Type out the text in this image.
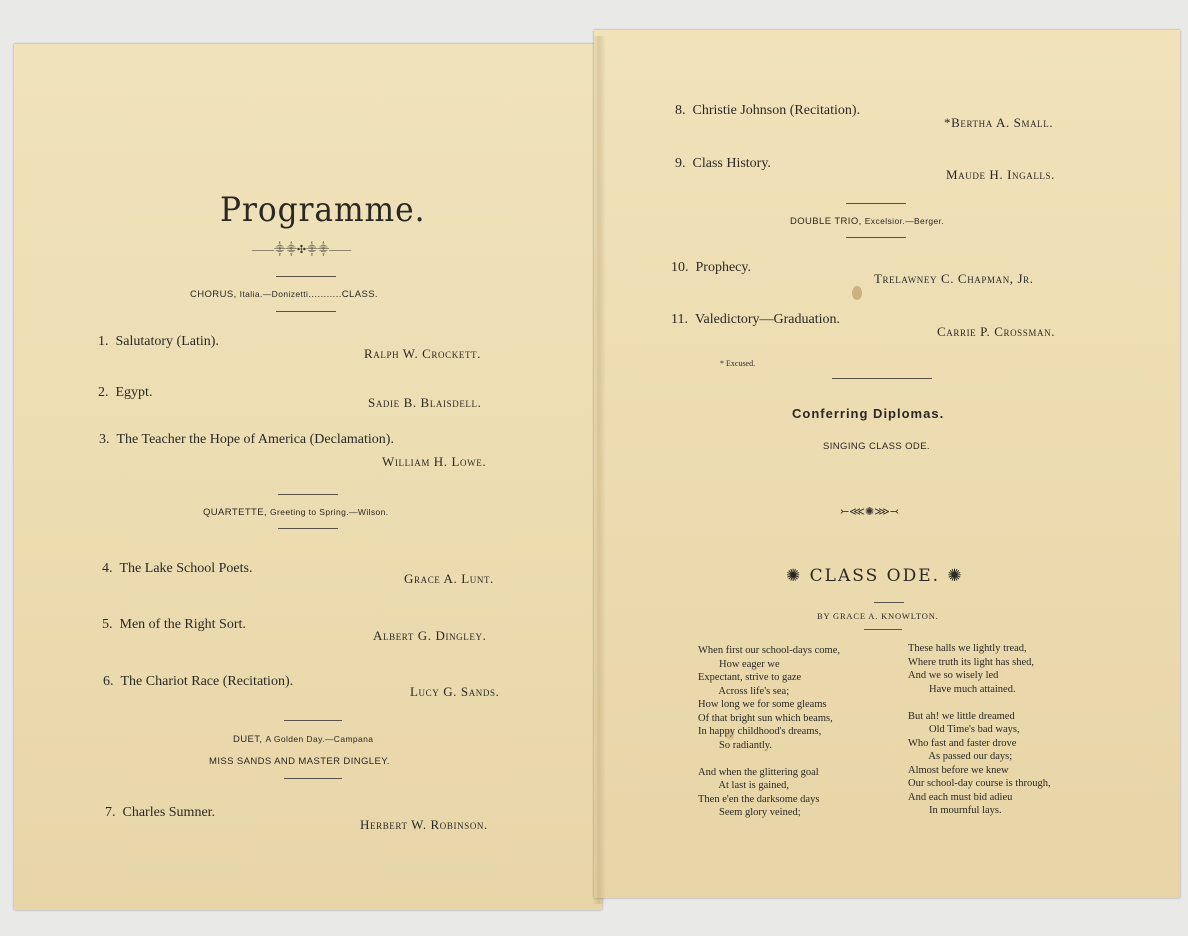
Programme.
——⸎⸎✣⸎⸎——
CHORUS, Italia.—Donizetti...........CLASS.
1. Salutatory (Latin).
Ralph W. Crockett.
2. Egypt.
Sadie B. Blaisdell.
3. The Teacher the Hope of America (Declamation).
William H. Lowe.
QUARTETTE, Greeting to Spring.—Wilson.
4. The Lake School Poets.
Grace A. Lunt.
5. Men of the Right Sort.
Albert G. Dingley.
6. The Chariot Race (Recitation).
Lucy G. Sands.
DUET, A Golden Day.—Campana
MISS SANDS AND MASTER DINGLEY.
7. Charles Sumner.
Herbert W. Robinson.
8. Christie Johnson (Recitation).
*Bertha A. Small.
9. Class History.
Maude H. Ingalls.
DOUBLE TRIO, Excelsior.—Berger.
10. Prophecy.
Trelawney C. Chapman, Jr.
11. Valedictory—Graduation.
Carrie P. Crossman.
* Excused.
Conferring Diplomas.
SINGING CLASS ODE.
⤚⋘✺⋙⤙
✺ CLASS ODE. ✺
BY GRACE A. KNOWLTON.
When first our school-days come,
How eager we
Expectant, strive to gaze
Across life's sea;
How long we for some gleams
Of that bright sun which beams,
In happy childhood's dreams,
So radiantly.

And when the glittering goal
At last is gained,
Then e'en the darksome days
Seem glory veined;
These halls we lightly tread,
Where truth its light has shed,
And we so wisely led
Have much attained.

But ah! we little dreamed
Old Time's bad ways,
Who fast and faster drove
As passed our days;
Almost before we knew
Our school-day course is through,
And each must bid adieu
In mournful lays.
